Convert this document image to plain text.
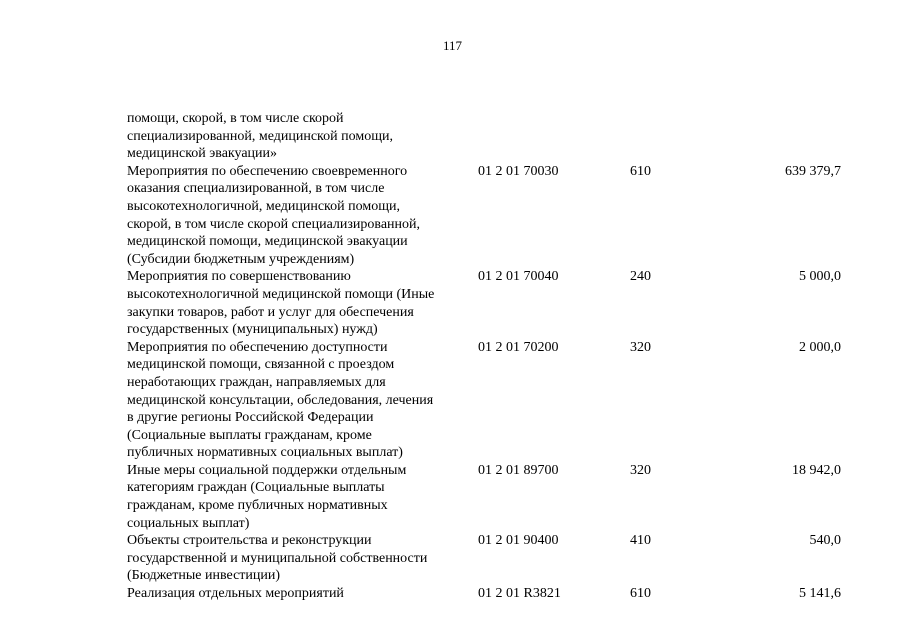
117
помощи, скорой, в том числе скорой
специализированной, медицинской помощи,
медицинской эвакуации»
Мероприятия по обеспечению своевременного
оказания специализированной, в том числе
высокотехнологичной, медицинской помощи,
скорой, в том числе скорой специализированной,
медицинской помощи, медицинской эвакуации
(Субсидии бюджетным учреждениям)
01 2 01 70030	610	639 379,7
Мероприятия по совершенствованию
высокотехнологичной медицинской помощи (Иные
закупки товаров, работ и услуг для обеспечения
государственных (муниципальных) нужд)
01 2 01 70040	240	5 000,0
Мероприятия по обеспечению доступности
медицинской помощи, связанной с проездом
неработающих граждан, направляемых для
медицинской консультации, обследования, лечения
в другие регионы Российской Федерации
(Социальные выплаты гражданам, кроме
публичных нормативных социальных выплат)
01 2 01 70200	320	2 000,0
Иные меры социальной поддержки отдельным
категориям граждан (Социальные выплаты
гражданам, кроме публичных нормативных
социальных выплат)
01 2 01 89700	320	18 942,0
Объекты строительства и реконструкции
государственной и муниципальной собственности
(Бюджетные инвестиции)
01 2 01 90400	410	540,0
Реализация отдельных мероприятий	01 2 01 R3821	610	5 141,6
